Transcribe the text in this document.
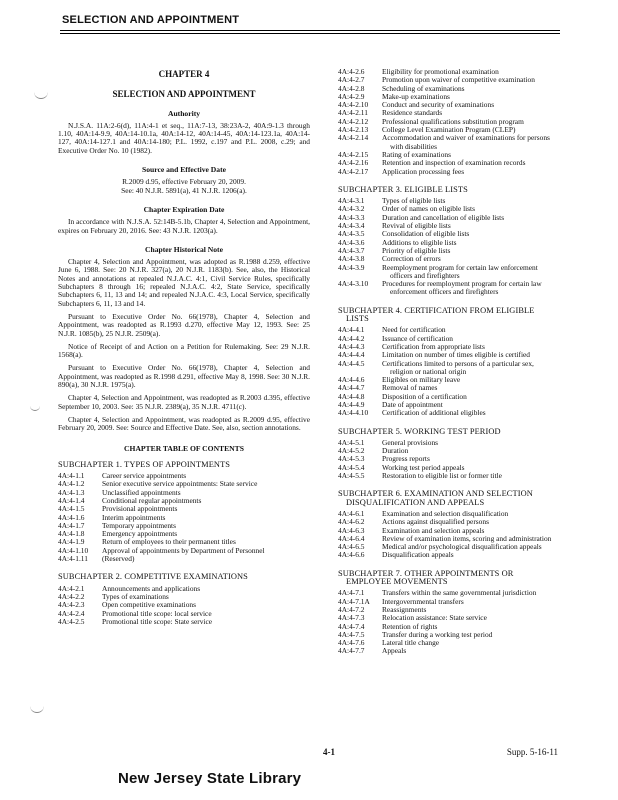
SELECTION AND APPOINTMENT
CHAPTER 4
SELECTION AND APPOINTMENT
Authority
N.J.S.A. 11A:2-6(d), 11A:4-1 et seq., 11A:7-13, 38:23A-2, 40A:9-1.3 through 1.10, 40A:14-9.9, 40A:14-10.1a, 40A:14-12, 40A:14-45, 40A:14-123.1a, 40A:14-127, 40A:14-127.1 and 40A:14-180; P.L. 1992, c.197 and P.L. 2008, c.29; and Executive Order No. 10 (1982).
Source and Effective Date
R.2009 d.95, effective February 20, 2009.
See: 40 N.J.R. 5891(a), 41 N.J.R. 1206(a).
Chapter Expiration Date
In accordance with N.J.S.A. 52:14B-5.1b, Chapter 4, Selection and Appointment, expires on February 20, 2016. See: 43 N.J.R. 1203(a).
Chapter Historical Note
Chapter 4, Selection and Appointment, was adopted as R.1988 d.259, effective June 6, 1988. See: 20 N.J.R. 327(a), 20 N.J.R. 1183(b). See, also, the Historical Notes and annotations at repealed N.J.A.C. 4:1, Civil Service Rules, specifically Subchapters 8 through 16; repealed N.J.A.C. 4:2, State Service, specifically Subchapters 6, 11, 13 and 14; and repealed N.J.A.C. 4:3, Local Service, specifically Subchapters 6, 11, 13 and 14.
Pursuant to Executive Order No. 66(1978), Chapter 4, Selection and Appointment, was readopted as R.1993 d.270, effective May 12, 1993. See: 25 N.J.R. 1085(b), 25 N.J.R. 2509(a).
Notice of Receipt of and Action on a Petition for Rulemaking. See: 29 N.J.R. 1568(a).
Pursuant to Executive Order No. 66(1978), Chapter 4, Selection and Appointment, was readopted as R.1998 d.291, effective May 8, 1998. See: 30 N.J.R. 890(a), 30 N.J.R. 1975(a).
Chapter 4, Selection and Appointment, was readopted as R.2003 d.395, effective September 10, 2003. See: 35 N.J.R. 2389(a), 35 N.J.R. 4711(c).
Chapter 4, Selection and Appointment, was readopted as R.2009 d.95, effective February 20, 2009. See: Source and Effective Date. See, also, section annotations.
CHAPTER TABLE OF CONTENTS
SUBCHAPTER 1. TYPES OF APPOINTMENTS
4A:4-1.1	Career service appointments
4A:4-1.2	Senior executive service appointments: State service
4A:4-1.3	Unclassified appointments
4A:4-1.4	Conditional regular appointments
4A:4-1.5	Provisional appointments
4A:4-1.6	Interim appointments
4A:4-1.7	Temporary appointments
4A:4-1.8	Emergency appointments
4A:4-1.9	Return of employees to their permanent titles
4A:4-1.10	Approval of appointments by Department of Personnel
4A:4-1.11	(Reserved)
SUBCHAPTER 2. COMPETITIVE EXAMINATIONS
4A:4-2.1	Announcements and applications
4A:4-2.2	Types of examinations
4A:4-2.3	Open competitive examinations
4A:4-2.4	Promotional title scope: local service
4A:4-2.5	Promotional title scope: State service
4A:4-2.6	Eligibility for promotional examination
4A:4-2.7	Promotion upon waiver of competitive examination
4A:4-2.8	Scheduling of examinations
4A:4-2.9	Make-up examinations
4A:4-2.10	Conduct and security of examinations
4A:4-2.11	Residence standards
4A:4-2.12	Professional qualifications substitution program
4A:4-2.13	College Level Examination Program (CLEP)
4A:4-2.14	Accommodation and waiver of examinations for persons with disabilities
4A:4-2.15	Rating of examinations
4A:4-2.16	Retention and inspection of examination records
4A:4-2.17	Application processing fees
SUBCHAPTER 3. ELIGIBLE LISTS
4A:4-3.1	Types of eligible lists
4A:4-3.2	Order of names on eligible lists
4A:4-3.3	Duration and cancellation of eligible lists
4A:4-3.4	Revival of eligible lists
4A:4-3.5	Consolidation of eligible lists
4A:4-3.6	Additions to eligible lists
4A:4-3.7	Priority of eligible lists
4A:4-3.8	Correction of errors
4A:4-3.9	Reemployment program for certain law enforcement officers and firefighters
4A:4-3.10	Procedures for reemployment program for certain law enforcement officers and firefighters
SUBCHAPTER 4. CERTIFICATION FROM ELIGIBLE LISTS
4A:4-4.1	Need for certification
4A:4-4.2	Issuance of certification
4A:4-4.3	Certification from appropriate lists
4A:4-4.4	Limitation on number of times eligible is certified
4A:4-4.5	Certifications limited to persons of a particular sex, religion or national origin
4A:4-4.6	Eligibles on military leave
4A:4-4.7	Removal of names
4A:4-4.8	Disposition of a certification
4A:4-4.9	Date of appointment
4A:4-4.10	Certification of additional eligibles
SUBCHAPTER 5. WORKING TEST PERIOD
4A:4-5.1	General provisions
4A:4-5.2	Duration
4A:4-5.3	Progress reports
4A:4-5.4	Working test period appeals
4A:4-5.5	Restoration to eligible list or former title
SUBCHAPTER 6. EXAMINATION AND SELECTION DISQUALIFICATION AND APPEALS
4A:4-6.1	Examination and selection disqualification
4A:4-6.2	Actions against disqualified persons
4A:4-6.3	Examination and selection appeals
4A:4-6.4	Review of examination items, scoring and administration
4A:4-6.5	Medical and/or psychological disqualification appeals
4A:4-6.6	Disqualification appeals
SUBCHAPTER 7. OTHER APPOINTMENTS OR EMPLOYEE MOVEMENTS
4A:4-7.1	Transfers within the same governmental jurisdiction
4A:4-7.1A	Intergovernmental transfers
4A:4-7.2	Reassignments
4A:4-7.3	Relocation assistance: State service
4A:4-7.4	Retention of rights
4A:4-7.5	Transfer during a working test period
4A:4-7.6	Lateral title change
4A:4-7.7	Appeals
4-1	Supp. 5-16-11
New Jersey State Library
